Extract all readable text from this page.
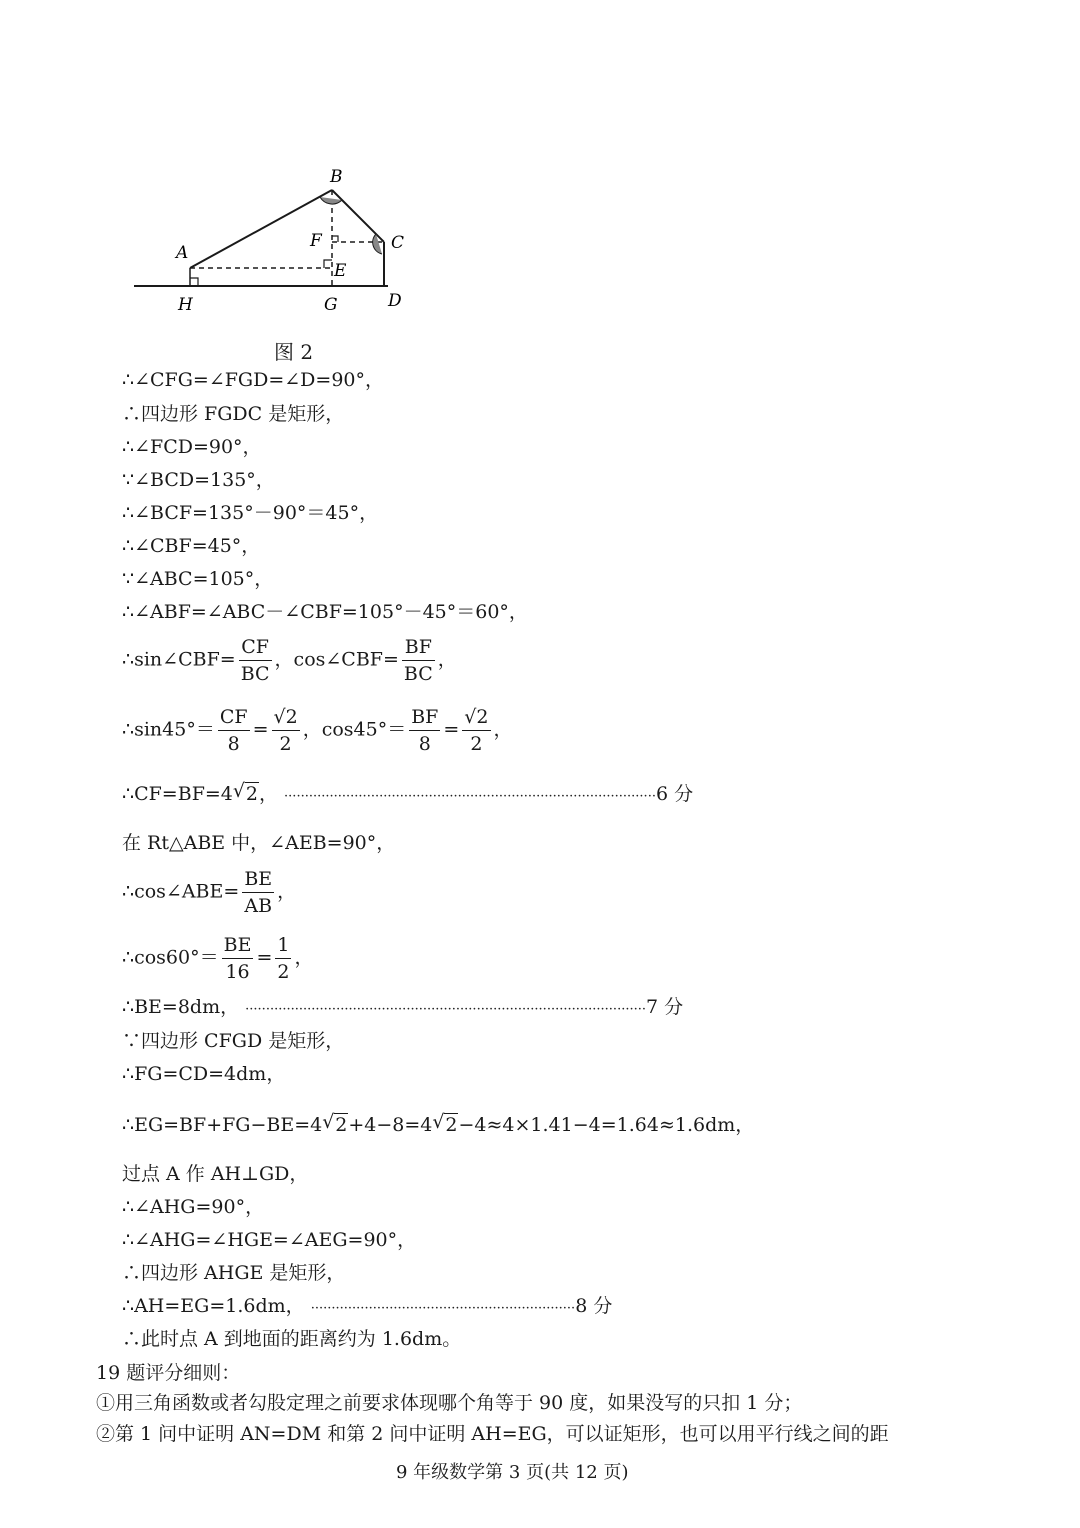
B
A
F	C
E
H	G	D
图 2
∴∠CFG=∠FGD=∠D=90°，
∴四边形 FGDC 是矩形，
∴∠FCD=90°，
∵∠BCD=135°，
∴∠BCF=135°－90°＝45°，
∴∠CBF=45°，
∵∠ABC=105°，
∴∠ABF=∠ABC－∠CBF=105°－45°＝60°，
∴sin∠CBF= $\frac{CF}{BC}$ ，cos∠CBF= $\frac{BF}{BC}$ ，
∴sin45°＝ $\frac{CF}{8} = \frac{√2}{2}$ ，$\cos 45^\circ= \frac{BF}{8} = \frac{√2}{2}$ ，
∴CF=BF=4 √ 2， ··························································································6 分
在 Rt△ABE 中，∠AEB=90°，
∴cos∠ABE= $\frac{BE}{AB}$ ，
∴cos60°＝ $\frac{BE}{16} = \frac{1}{2}$ ，
∴BE=8dm， ·································································································7 分
∵四边形 CFGD 是矩形，
∴FG=CD=4dm，
∴EG=BF+FG−BE=4 √ 2+4−8=4 √ 2−4≈4×1.41−4=1.64≈1.6dm，
过点 A 作 AH⊥GD，
∴∠AHG=90°，
∴∠AHG=∠HGE=∠AEG=90°，
∴四边形 AHGE 是矩形，
∴AH=EG=1.6dm， ································································8 分
∴此时点 A 到地面的距离约为 1.6dm。
19 题评分细则：
①用三角函数或者勾股定理之前要求体现哪个角等于 90 度，如果没写的只扣 1 分；
②第 1 问中证明 AN=DM 和第 2 问中证明 AH=EG，可以证矩形，也可以用平行线之间的距
9 年级数学第 3 页(共 12 页)
